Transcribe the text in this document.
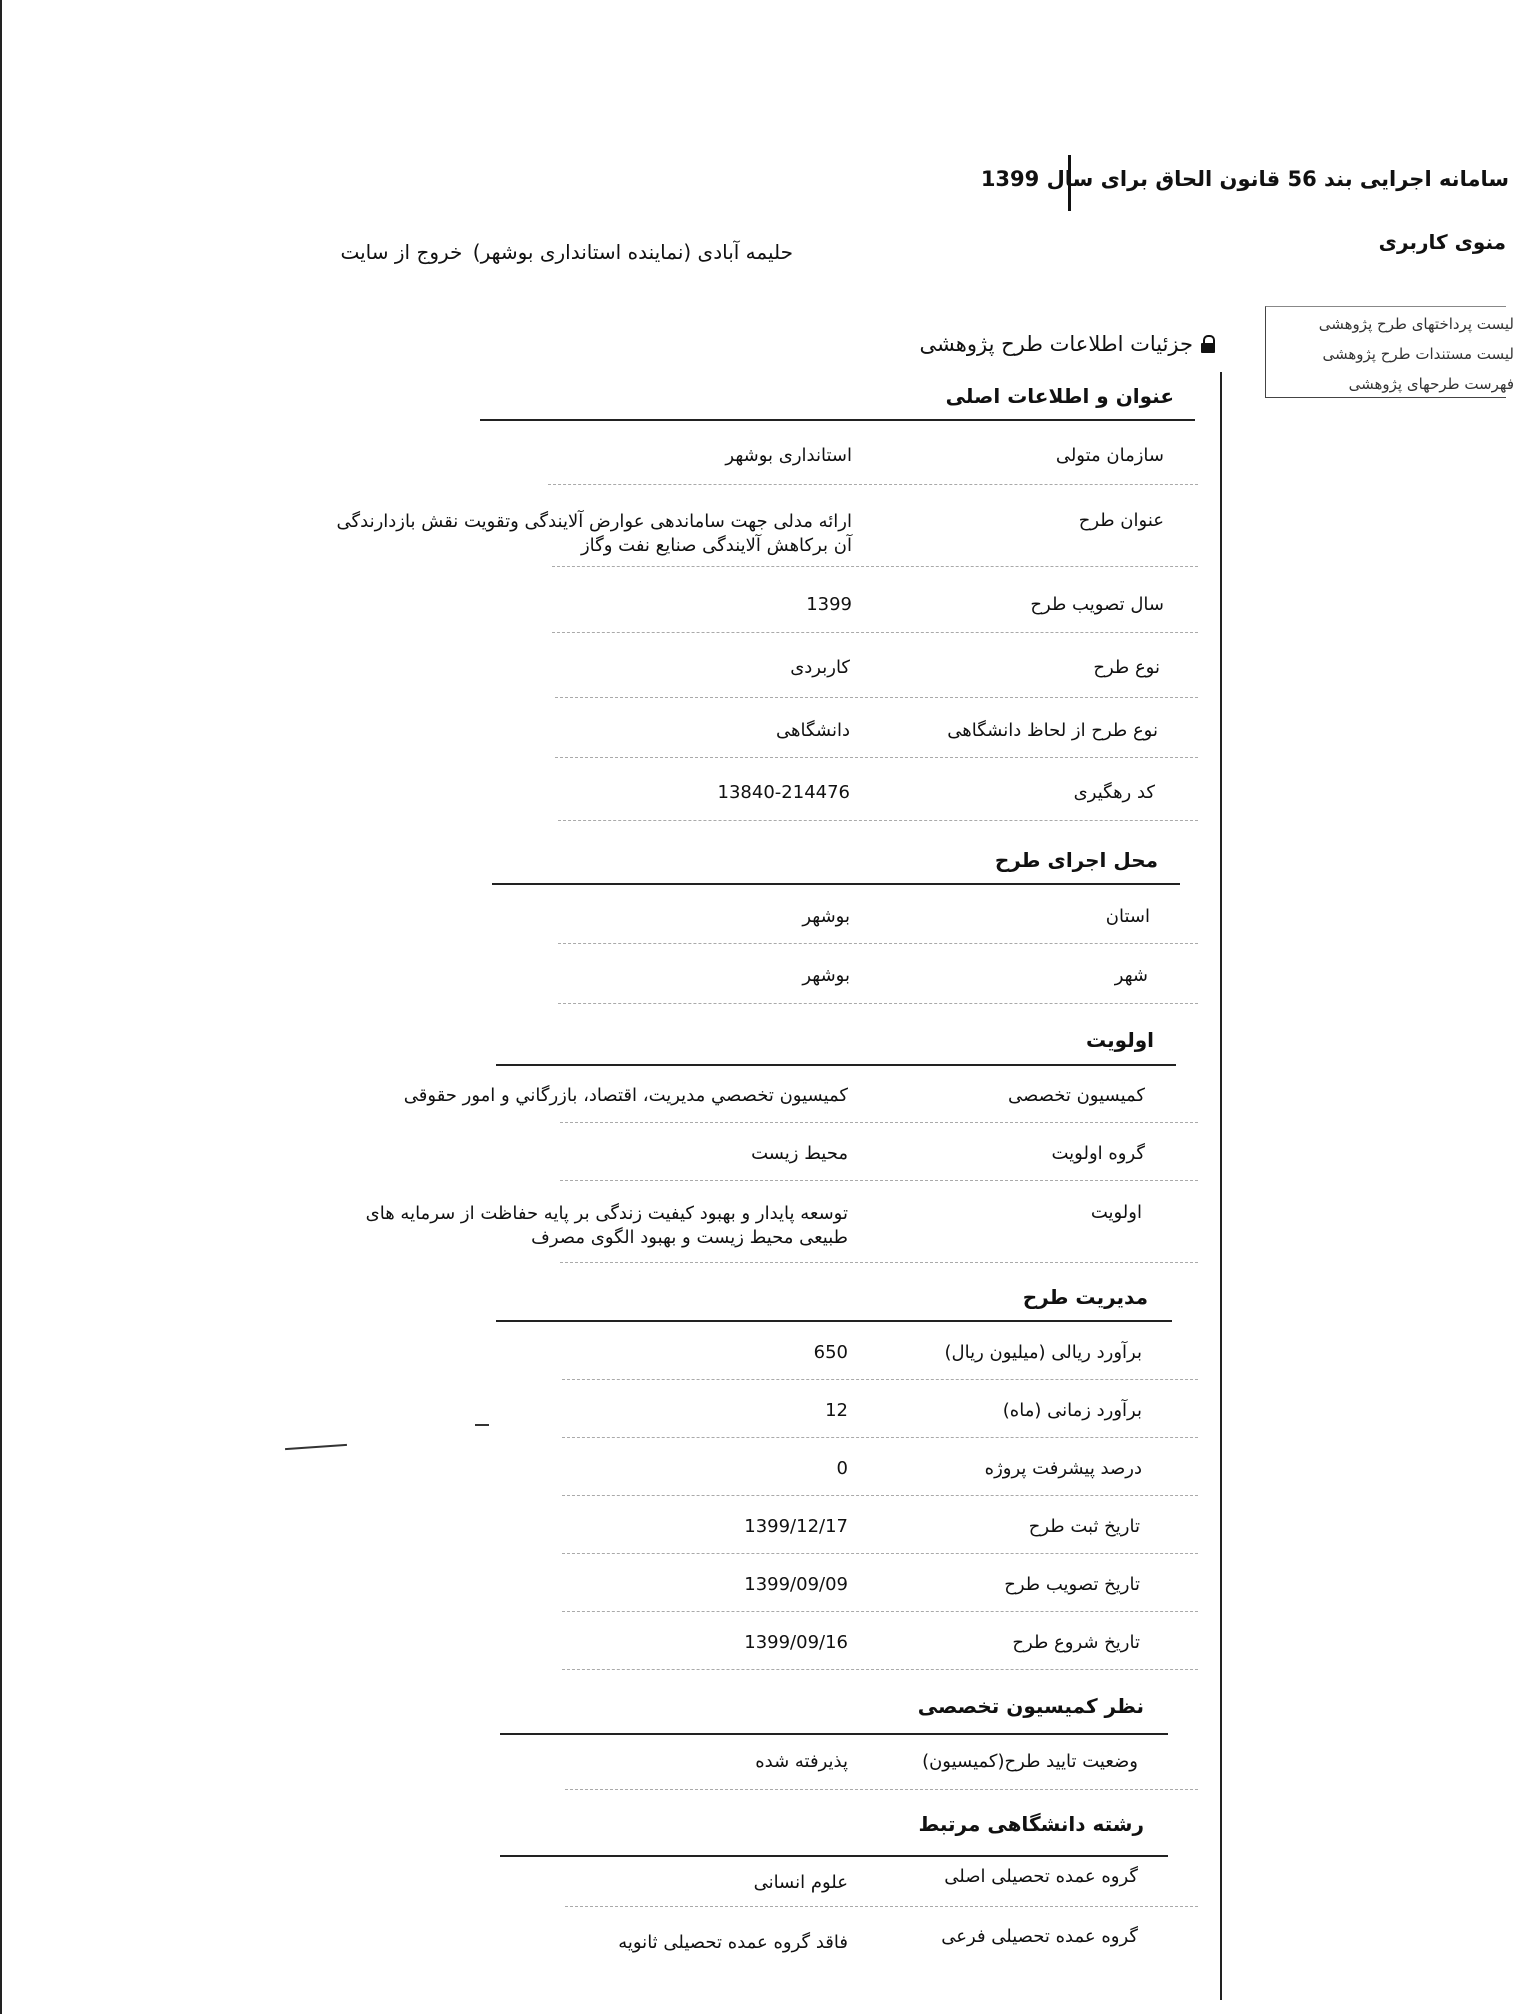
سامانه اجرایی بند 56 قانون الحاق برای سال 1399
حلیمه آبادی (نماینده استانداری بوشهر) خروج از سایت	منوی کاربری
لیست پرداختهای طرح پژوهشی
لیست مستندات طرح پژوهشی
فهرست طرحهای پژوهشی
جزئیات اطلاعات طرح پژوهشی
عنوان و اطلاعات اصلی
سازمان متولی
استانداری بوشهر
عنوان طرح
ارائه مدلی جهت ساماندهی عوارض آلایندگی وتقویت نقش بازدارندگی آن برکاهش آلایندگی صنایع نفت وگاز
سال تصویب طرح
1399
نوع طرح
کاربردی
نوع طرح از لحاظ دانشگاهی
دانشگاهی
کد رهگیری
13840-214476
محل اجرای طرح
استان
بوشهر
شهر
بوشهر
اولویت
کمیسیون تخصصی
كميسيون تخصصي مديريت، اقتصاد، بازرگاني و امور حقوقی
گروه اولویت
محیط زیست
اولویت
توسعه پایدار و بهبود کیفیت زندگی بر پایه حفاظت از سرمایه های طبیعی محیط زیست و بهبود الگوی مصرف
مدیریت طرح
برآورد ریالی (میلیون ریال)
650
برآورد زمانی (ماه)
12
درصد پیشرفت پروژه
0
تاریخ ثبت طرح
1399/12/17
تاریخ تصویب طرح
1399/09/09
تاریخ شروع طرح
1399/09/16
نظر کمیسیون تخصصی
وضعیت تایید طرح(کمیسیون)
پذیرفته شده
رشته دانشگاهی مرتبط
گروه عمده تحصیلی اصلی
علوم انسانی
گروه عمده تحصیلی فرعی
فاقد گروه عمده تحصیلی ثانویه
